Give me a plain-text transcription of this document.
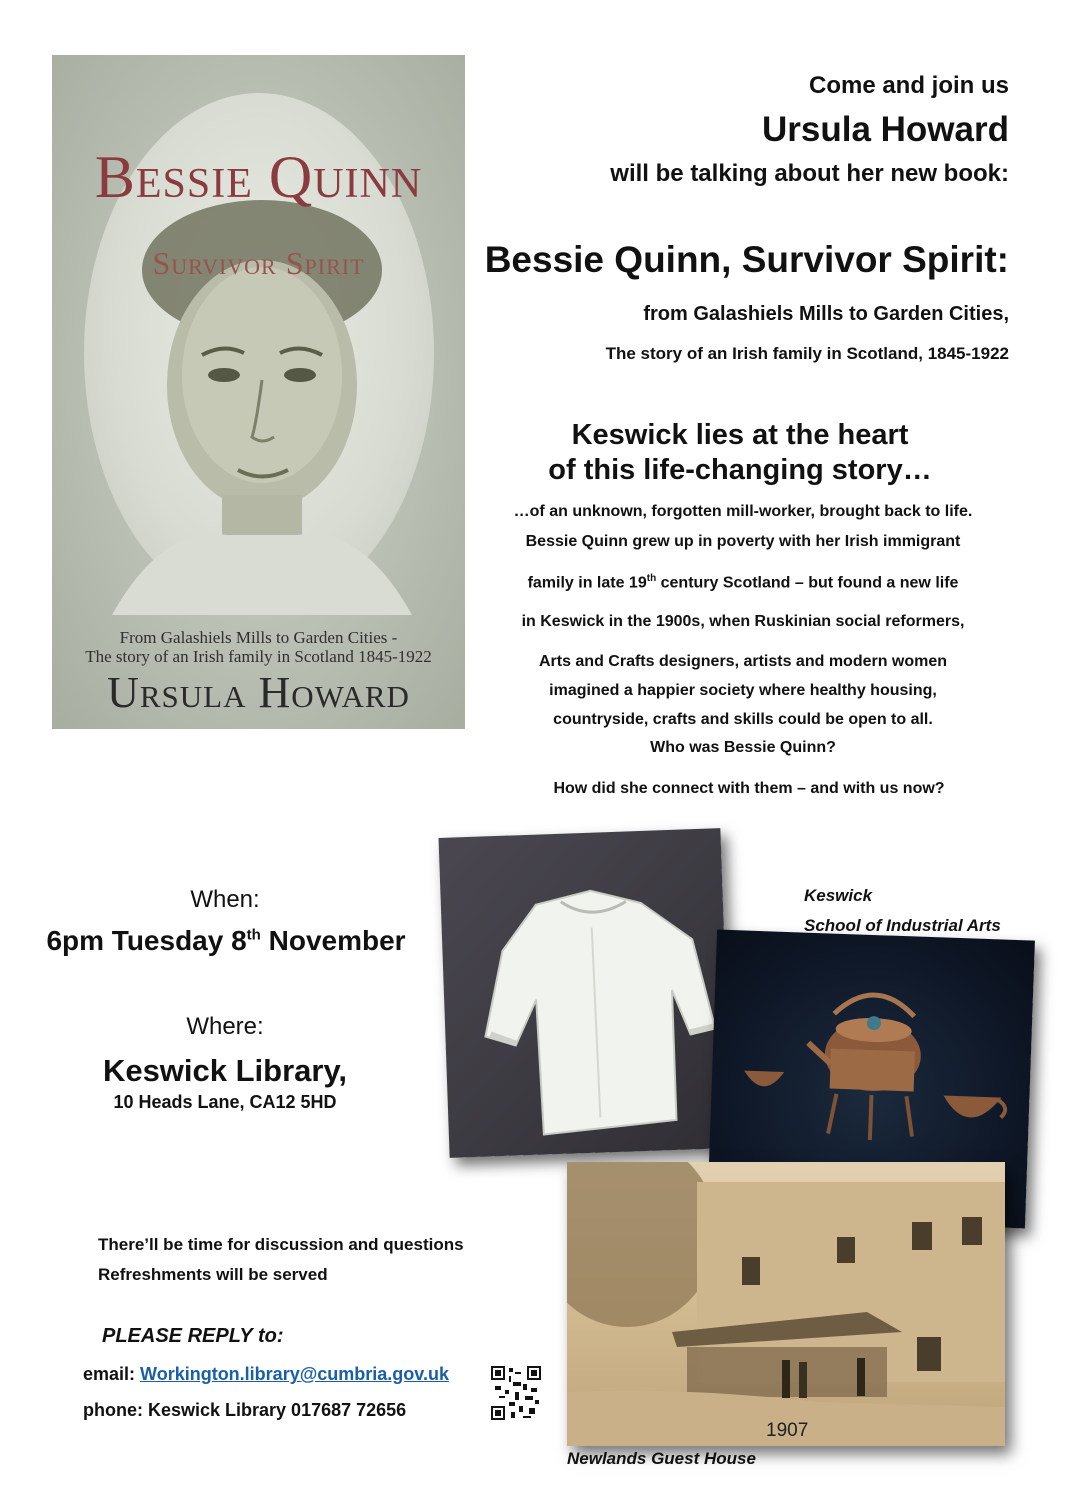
Bessie Quinn
Survivor Spirit
From Galashiels Mills to Garden Cities -
The story of an Irish family in Scotland 1845-1922
Ursula Howard
Come and join us
Ursula Howard
will be talking about her new book:
Bessie Quinn, Survivor Spirit:
from Galashiels Mills to Garden Cities,
The story of an Irish family in Scotland, 1845-1922
Keswick lies at the heart
of this life-changing story…
…of an unknown, forgotten mill-worker, brought back to life.
Bessie Quinn grew up in poverty with her Irish immigrant
family in late 19th century Scotland – but found a new life
in Keswick in the 1900s, when Ruskinian social reformers,
Arts and Crafts designers, artists and modern women
imagined a happier society where healthy housing,
countryside, crafts and skills could be open to all.
Who was Bessie Quinn?
How did she connect with them – and with us now?
When:
6pm Tuesday 8th November
Where:
Keswick Library,
10 Heads Lane, CA12 5HD
There’ll be time for discussion and questions
Refreshments will be served
PLEASE REPLY to:
email: Workington.library@cumbria.gov.uk
phone: Keswick Library 017687 72656
1907
Keswick
School of Industrial Arts
Newlands Guest House
